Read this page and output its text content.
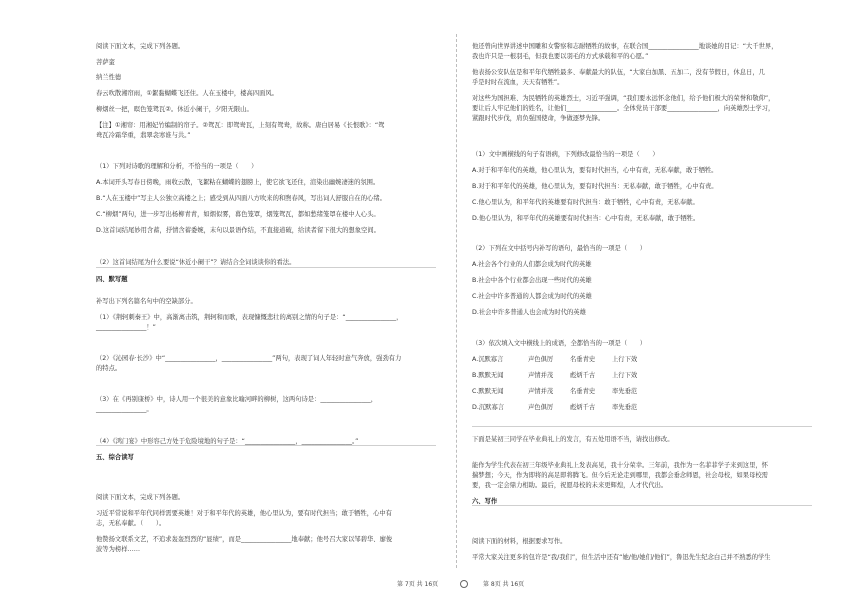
阅读下面文本，完成下列各题。
菩萨蛮
纳兰性德
春云吹散湘帘雨，①絮黏蝴蝶飞还住。人在玉楼中，楼高四面风。
柳烟丝一把，暝色笼鸳瓦②。休近小阑干，夕阳无限山。
【注】①湘帘：用湘妃竹编制的帘子。②鸳瓦：即鸳鸯瓦，上刻有鸳鸯，故称。唐白居易《长恨歌》：“鸳
鸯瓦冷霜华重，翡翠衾寒谁与共。”
（1）下列对诗歌的理解和分析，不恰当的一项是（　　）
A.本词开头写春日傍晚，雨收云散，飞絮粘在蝴蝶的翅膀上，使它欲飞还住，渲染出幽婉凄迷的氛围。
B.“人在玉楼中”写主人公独立高楼之上；感受到从四面八方吹来的和煦春风，写出词人舒服自在的心绪。
C.“柳烟”两句，进一步写出杨柳青青，如烟似雾，暮色笼罩，烟笼鸳瓦，都如愁绪笼罩在楼中人心头。
D.这首词结尾妙用含蓄，抒情含蓄委婉，末句以景语作结，不直接道破，给读者留下很大的想象空间。
（2）这首词结尾为什么要说“休近小阑干”？请结合全词谈谈你的看法。
四、默写题
补写出下列名篇名句中的空缺部分。
（1）《荆轲刺秦王》中，高渐离击筑，荆轲和而歌，表现慷慨悲壮的离别之情的句子是：“________________，
________________！”
（2）《沁园春·长沙》中“________________，________________”两句，表现了词人年轻时意气奔放，强劲有力
的特点。
（3）在《再别康桥》中，诗人用一个很美的意象比喻河畔的柳树，这两句诗是：________________，
________________。
（4）《鸿门宴》中形容己方处于危险境地的句子是：“________________，________________。”
五、综合读写
阅读下面文本，完成下列各题。
习近平常说和平年代同样需要英雄！对于和平年代的英雄，他心里认为，要有时代担当；敢于牺牲，心中有
志，无私奉献。（　　）。
他赞扬文联系文艺，不追求轰轰烈烈的“显绩”，而是________________地奉献；他号召大家以邹碧华、廖俊
波等为榜样……
他还曾向世界讲述中国雕和女警察和志耐牺牲的故事，在联合国________________地谈她的目记：“大千世界，
我也许只是一根羽毛，但我也要以羽毛的方式承载和平的心愿。”
他表扬公安队伍是和平年代牺牲最多、奉献最大的队伍，“大家白加黑、五加二，没有节假日，休息日，几
乎是时时在流血，天天有牺牲”。
对这些为国担难、为民牺牲的英雄烈士，习近平强调，“我们要永远怀念他们，给予他们极大的荣誉和敬仰”，
要让后人牢记他们的姓名，让他们________________。全体党员干部要________________，向英雄烈士学习，
紧跟时代步伐，肩负强国使命，争做逐梦先锋。
（1）文中画横线的句子有语病，下列修改最恰当的一项是（　　）
A.对于和平年代的英雄，他心里认为，要有时代担当，心中有责，无私奉献，敢于牺牲。
B.对于和平年代的英雄，他心里认为，要有时代担当：无私奉献，敢于牺牲，心中有责。
C.他心里认为，和平年代的英雄要有时代担当：敢于牺牲，心中有责，无私奉献。
D.他心里认为，和平年代的英雄要有时代担当：心中有责，无私奉献，敢于牺牲。
（2）下列在文中括号内补写的语句，最恰当的一项是（　　）
A.社会各个行业的人们都会成为时代的英雄
B.社会中各个行业都会出现一些时代的英雄
C.社会中许多普通的人都会成为时代的英雄
D.社会中许多普通人也会成为时代的英雄
（3）依次填入文中横线上的成语，全都恰当的一项是（　　）
下面是某初三同学在毕业典礼上的发言，有五处用语不当，请找出修改。
能作为学生代表在初三年级毕业典礼上发表高见，我十分荣幸。三年前，我作为一名菲菲学子来到这里，怀
揣梦想；今天，作为即将的高足即将腾飞。但今后无论走到哪里，我都会垂念师恩，社会母校，如果母校需
要，我一定会鼎力相助。最后，祝愿母校的未来更辉煌，人才代代出。
六、写作
阅读下面的材料，根据要求写作。
平常大家关注更多的包许是“我/我们”，但生活中还有“她/他/她们/他们”，鲁迅先生纪念白己并不熟悉的学生
A.沉默寡言	声色俱厉	名垂青史	上行下效
B.默默无闻	声情并茂	彪炳千古	上行下效
C.默默无闻	声情并茂	名垂青史	率先垂范
D.沉默寡言	声色俱厉	彪炳千古	率先垂范
第 7页 共 16页	第 8页 共 16页
